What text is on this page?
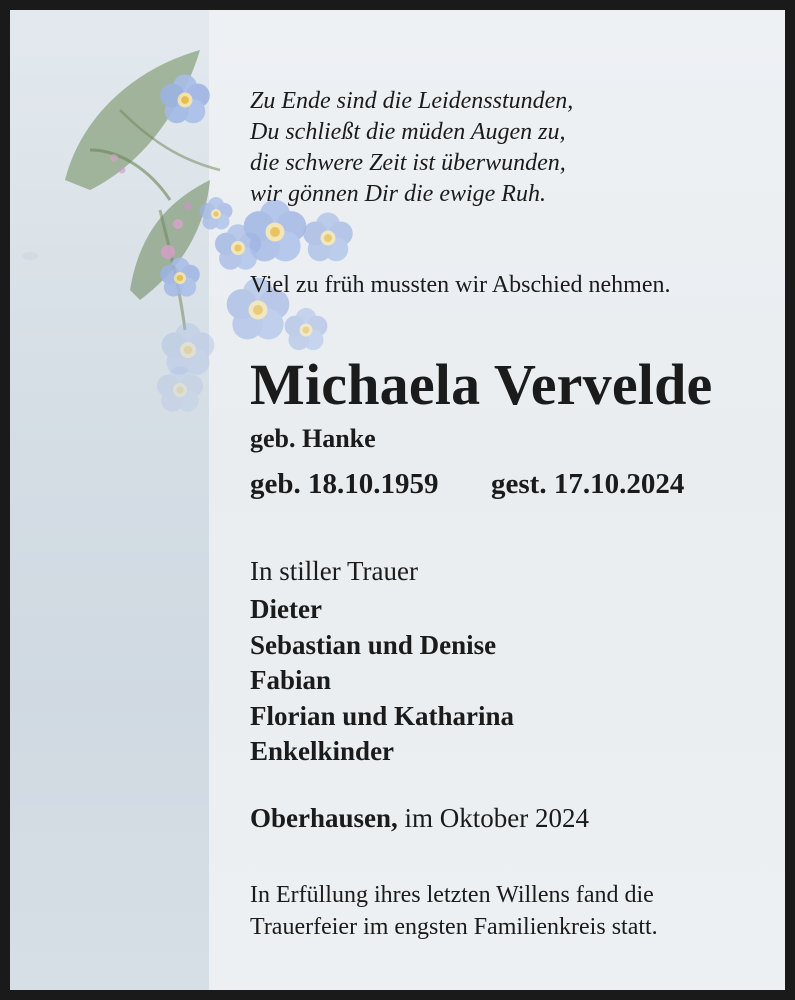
Zu Ende sind die Leidensstunden,
Du schließt die müden Augen zu,
die schwere Zeit ist überwunden,
wir gönnen Dir die ewige Ruh.
Viel zu früh mussten wir Abschied nehmen.
Michaela Vervelde
geb. Hanke
geb. 18.10.1959 gest. 17.10.2024
In stiller Trauer
Dieter
Sebastian und Denise
Fabian
Florian und Katharina
Enkelkinder
Oberhausen, im Oktober 2024
In Erfüllung ihres letzten Willens fand die
Trauerfeier im engsten Familienkreis statt.
